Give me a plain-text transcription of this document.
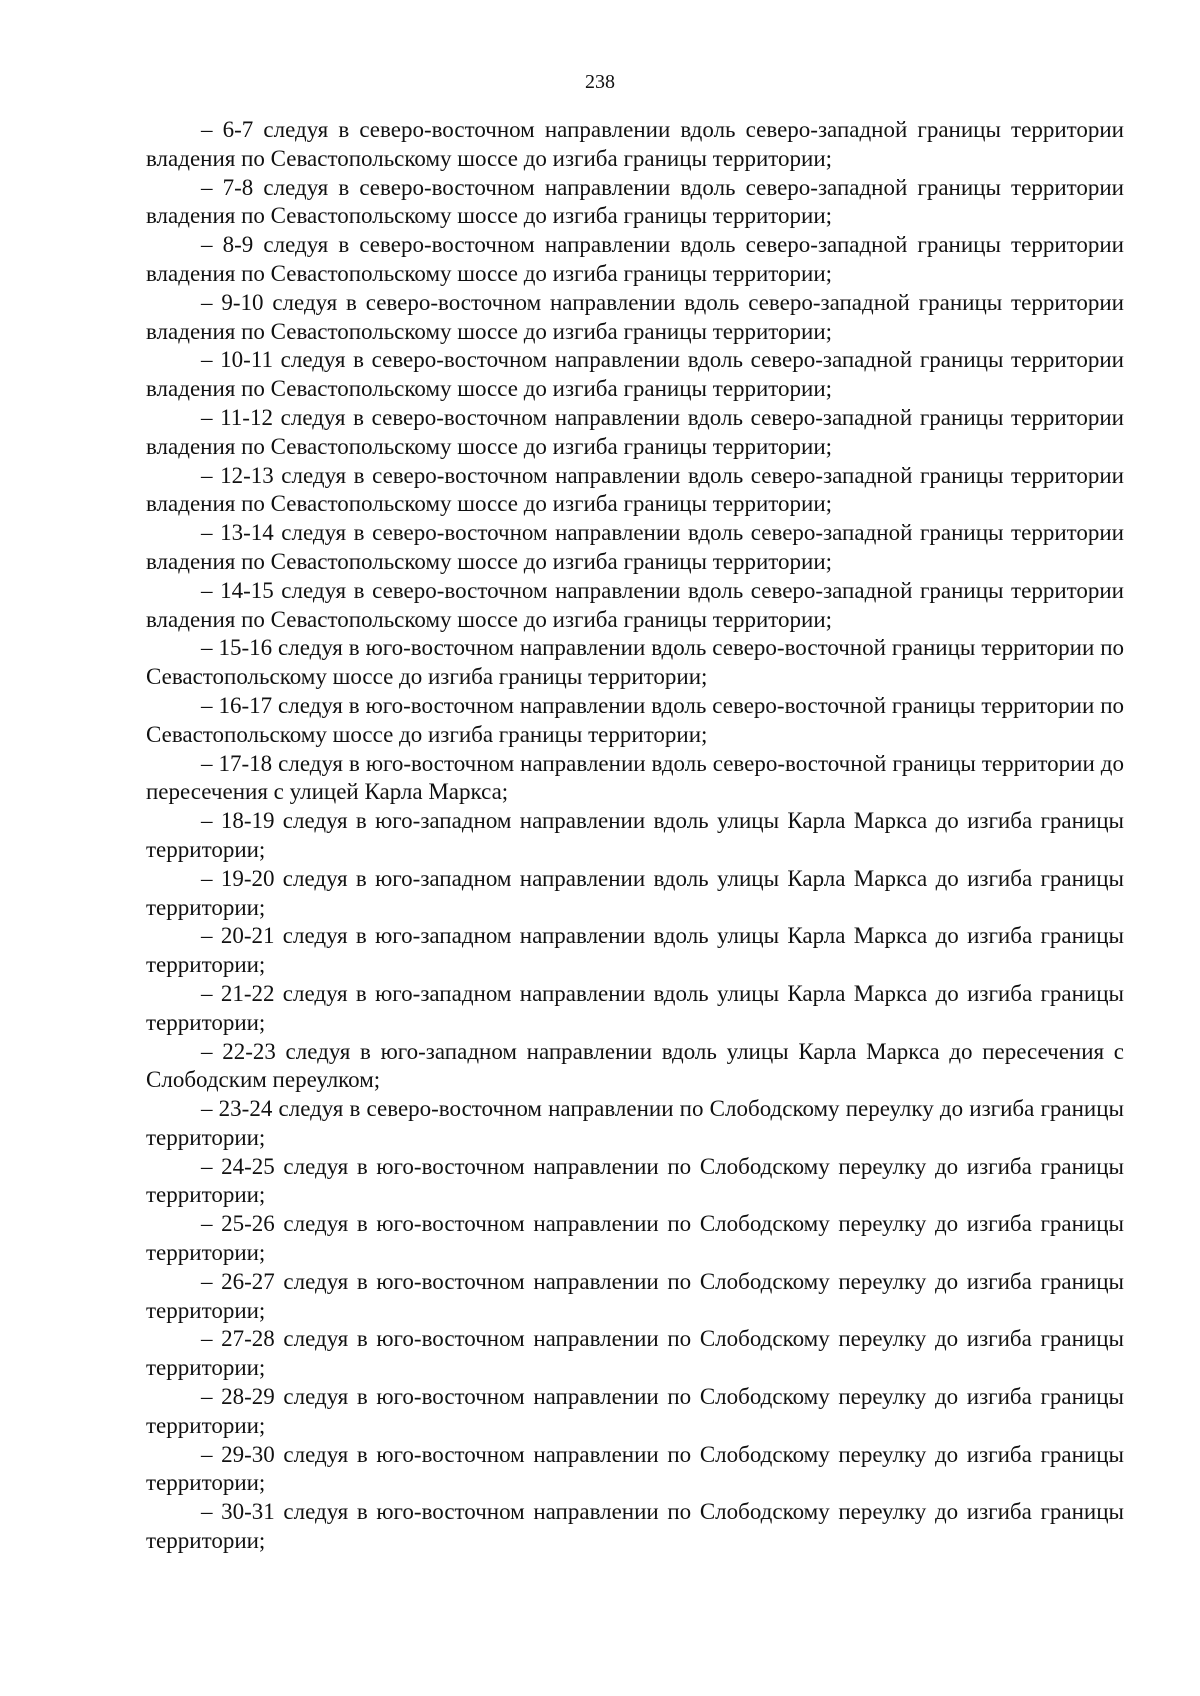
238

– 6-7 следуя в северо-восточном направлении вдоль северо-западной границы территории владения по Севастопольскому шоссе до изгиба границы территории;

– 7-8 следуя в северо-восточном направлении вдоль северо-западной границы территории владения по Севастопольскому шоссе до изгиба границы территории;

– 8-9 следуя в северо-восточном направлении вдоль северо-западной границы территории владения по Севастопольскому шоссе до изгиба границы территории;

– 9-10 следуя в северо-восточном направлении вдоль северо-западной границы территории владения по Севастопольскому шоссе до изгиба границы территории;

– 10-11 следуя в северо-восточном направлении вдоль северо-западной границы территории владения по Севастопольскому шоссе до изгиба границы территории;

– 11-12 следуя в северо-восточном направлении вдоль северо-западной границы территории владения по Севастопольскому шоссе до изгиба границы территории;

– 12-13 следуя в северо-восточном направлении вдоль северо-западной границы территории владения по Севастопольскому шоссе до изгиба границы территории;

– 13-14 следуя в северо-восточном направлении вдоль северо-западной границы территории владения по Севастопольскому шоссе до изгиба границы территории;

– 14-15 следуя в северо-восточном направлении вдоль северо-западной границы территории владения по Севастопольскому шоссе до изгиба границы территории;

– 15-16 следуя в юго-восточном направлении вдоль северо-восточной границы территории по Севастопольскому шоссе до изгиба границы территории;

– 16-17 следуя в юго-восточном направлении вдоль северо-восточной границы территории по Севастопольскому шоссе до изгиба границы территории;

– 17-18 следуя в юго-восточном направлении вдоль северо-восточной границы территории до пересечения с улицей Карла Маркса;

– 18-19 следуя в юго-западном направлении вдоль улицы Карла Маркса до изгиба границы территории;

– 19-20 следуя в юго-западном направлении вдоль улицы Карла Маркса до изгиба границы территории;

– 20-21 следуя в юго-западном направлении вдоль улицы Карла Маркса до изгиба границы территории;

– 21-22 следуя в юго-западном направлении вдоль улицы Карла Маркса до изгиба границы территории;

– 22-23 следуя в юго-западном направлении вдоль улицы Карла Маркса до пересечения с Слободским переулком;

– 23-24 следуя в северо-восточном направлении по Слободскому переулку до изгиба границы территории;

– 24-25 следуя в юго-восточном направлении по Слободскому переулку до изгиба границы территории;

– 25-26 следуя в юго-восточном направлении по Слободскому переулку до изгиба границы территории;

– 26-27 следуя в юго-восточном направлении по Слободскому переулку до изгиба границы территории;

– 27-28 следуя в юго-восточном направлении по Слободскому переулку до изгиба границы территории;

– 28-29 следуя в юго-восточном направлении по Слободскому переулку до изгиба границы территории;

– 29-30 следуя в юго-восточном направлении по Слободскому переулку до изгиба границы территории;

– 30-31 следуя в юго-восточном направлении по Слободскому переулку до изгиба границы территории;
